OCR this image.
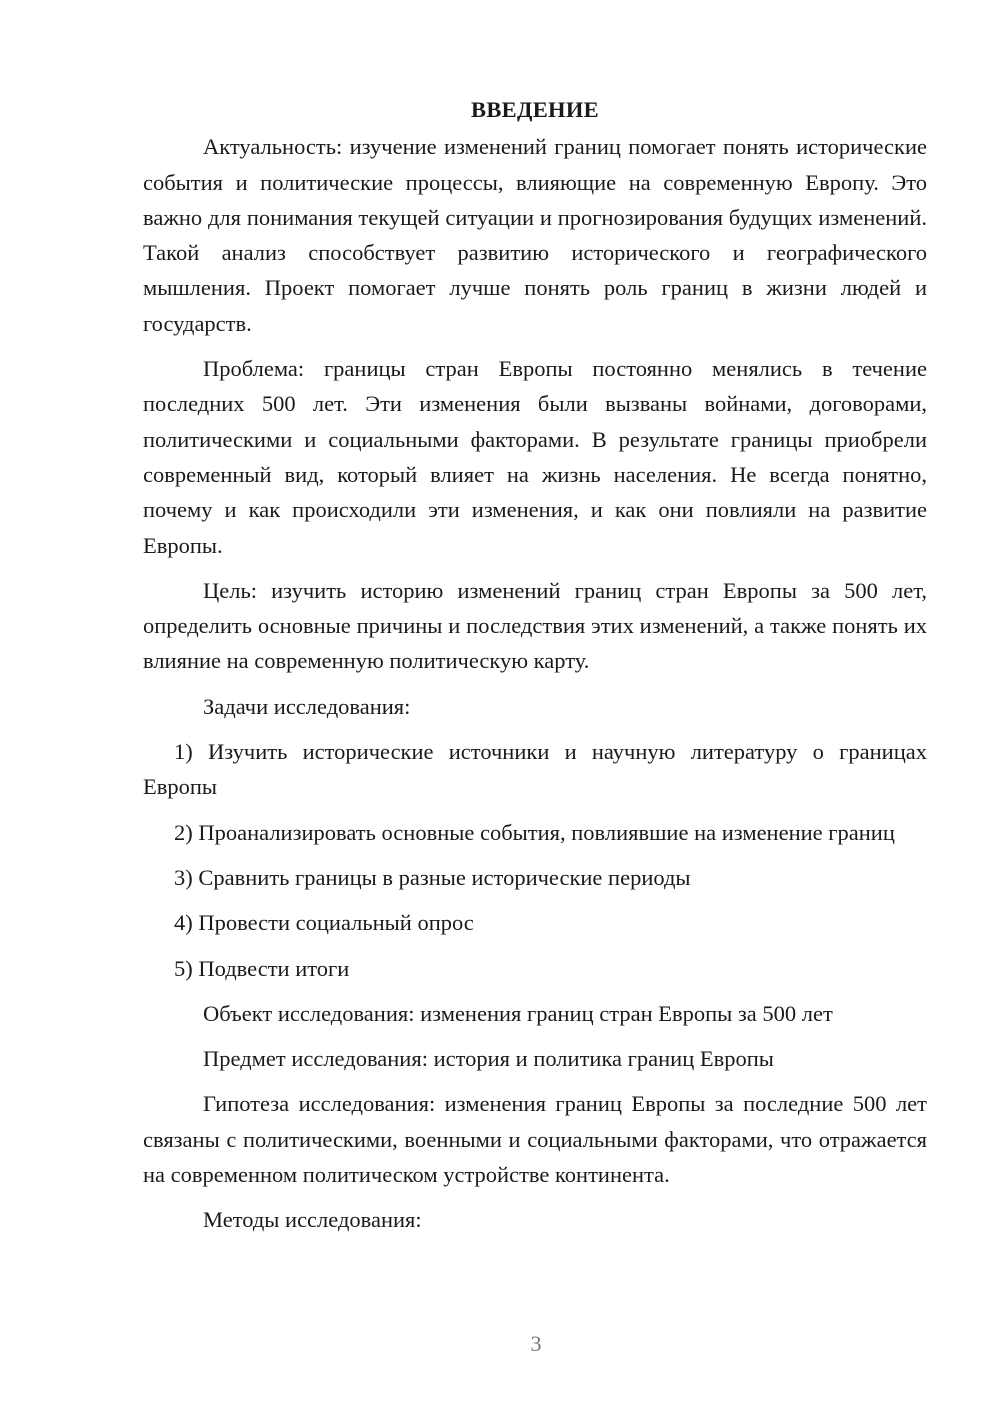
ВВЕДЕНИЕ

Актуальность: изучение изменений границ помогает понять исторические события и политические процессы, влияющие на современную Европу. Это важно для понимания текущей ситуации и прогнозирования будущих изменений. Такой анализ способствует развитию исторического и географического мышления. Проект помогает лучше понять роль границ в жизни людей и государств.

Проблема: границы стран Европы постоянно менялись в течение последних 500 лет. Эти изменения были вызваны войнами, договорами, политическими и социальными факторами. В результате границы приобрели современный вид, который влияет на жизнь населения. Не всегда понятно, почему и как происходили эти изменения, и как они повлияли на развитие Европы.

Цель: изучить историю изменений границ стран Европы за 500 лет, определить основные причины и последствия этих изменений, а также понять их влияние на современную политическую карту.

Задачи исследования:

1) Изучить исторические источники и научную литературу о границах Европы

2) Проанализировать основные события, повлиявшие на изменение границ

3) Сравнить границы в разные исторические периоды

4) Провести социальный опрос

5) Подвести итоги

Объект исследования: изменения границ стран Европы за 500 лет

Предмет исследования: история и политика границ Европы

Гипотеза исследования: изменения границ Европы за последние 500 лет связаны с политическими, военными и социальными факторами, что отражается на современном политическом устройстве континента.

Методы исследования:

3
